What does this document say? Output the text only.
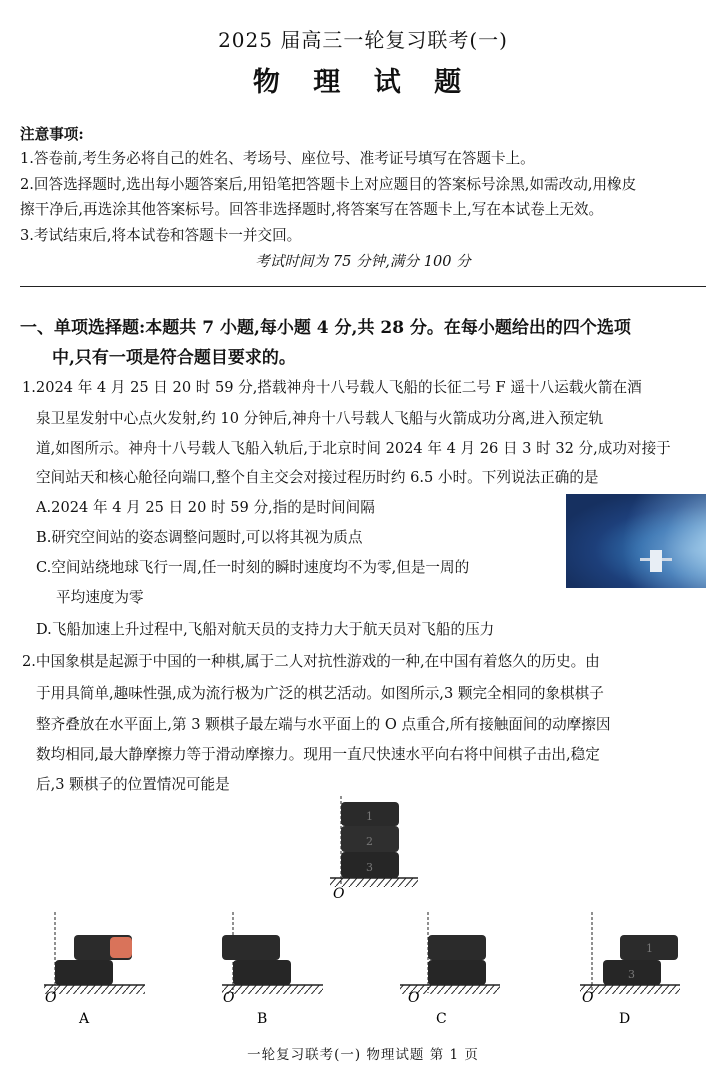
2025 届高三一轮复习联考(一)
物 理 试 题
注意事项:
1.答卷前,考生务必将自己的姓名、考场号、座位号、准考证号填写在答题卡上。
2.回答选择题时,选出每小题答案后,用铅笔把答题卡上对应题目的答案标号涂黑,如需改动,用橡皮
擦干净后,再选涂其他答案标号。回答非选择题时,将答案写在答题卡上,写在本试卷上无效。
3.考试结束后,将本试卷和答题卡一并交回。
考试时间为 75 分钟,满分 100 分
一、单项选择题:本题共 7 小题,每小题 4 分,共 28 分。在每小题给出的四个选项
中,只有一项是符合题目要求的。
1.2024 年 4 月 25 日 20 时 59 分,搭载神舟十八号载人飞船的长征二号 F 遥十八运载火箭在酒
泉卫星发射中心点火发射,约 10 分钟后,神舟十八号载人飞船与火箭成功分离,进入预定轨
道,如图所示。神舟十八号载人飞船入轨后,于北京时间 2024 年 4 月 26 日 3 时 32 分,成功对接于
空间站天和核心舱径向端口,整个自主交会对接过程历时约 6.5 小时。下列说法正确的是
A.2024 年 4 月 25 日 20 时 59 分,指的是时间间隔
B.研究空间站的姿态调整问题时,可以将其视为质点
C.空间站绕地球飞行一周,任一时刻的瞬时速度均不为零,但是一周的
平均速度为零
D.飞船加速上升过程中,飞船对航天员的支持力大于航天员对飞船的压力
2.中国象棋是起源于中国的一种棋,属于二人对抗性游戏的一种,在中国有着悠久的历史。由
于用具简单,趣味性强,成为流行极为广泛的棋艺活动。如图所示,3 颗完全相同的象棋棋子
整齐叠放在水平面上,第 3 颗棋子最左端与水平面上的 O 点重合,所有接触面间的动摩擦因
数均相同,最大静摩擦力等于滑动摩擦力。现用一直尺快速水平向右将中间棋子击出,稳定
后,3 颗棋子的位置情况可能是
1
2
3
O
O
A
O
B
O
C
1
3
O
D
一轮复习联考(一) 物理试题 第 1 页
